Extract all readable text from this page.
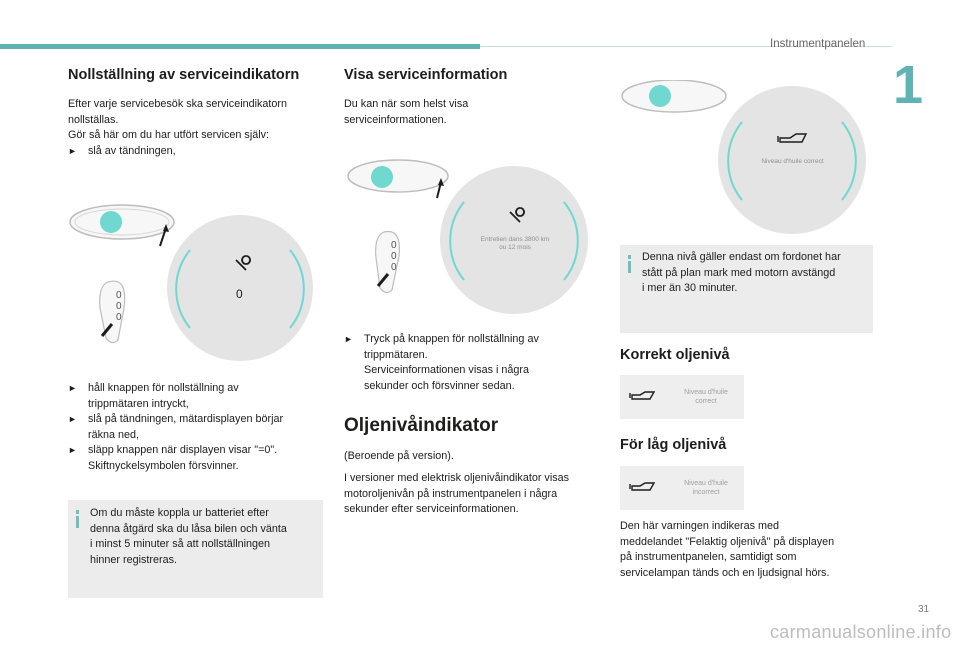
Instrumentpanelen
1
Nollställning av serviceindikatorn
Efter varje servicebesök ska serviceindikatorn
nollställas.
Gör så här om du har utfört servicen själv:
►	slå av tändningen,
0
0
0
0
►	håll knappen för nollställning av
trippmätaren intryckt,
►	slå på tändningen, mätardisplayen börjar
räkna ned,
►	släpp knappen när displayen visar "=0".
Skiftnyckelsymbolen försvinner.
Om du måste koppla ur batteriet efter
denna åtgärd ska du låsa bilen och vänta
i minst 5 minuter så att nollställningen
hinner registreras.
Visa serviceinformation
Du kan när som helst visa
serviceinformationen.
0
0
0
Entretien dans 3800 km
ou 12 mois
►	Tryck på knappen för nollställning av
trippmätaren.
Serviceinformationen visas i några
sekunder och försvinner sedan.
Oljenivåindikator
(Beroende på version).
I versioner med elektrisk oljenivåindikator visas
motoroljenivån på instrumentpanelen i några
sekunder efter serviceinformationen.
Niveau d'huile correct
Denna nivå gäller endast om fordonet har
stått på plan mark med motorn avstängd
i mer än 30 minuter.
Korrekt oljenivå
Niveau d'huile
correct
För låg oljenivå
Niveau d'huile
incorrect
Den här varningen indikeras med
meddelandet "Felaktig oljenivå" på displayen
på instrumentpanelen, samtidigt som
servicelampan tänds och en ljudsignal hörs.
31
carmanualsonline.info
